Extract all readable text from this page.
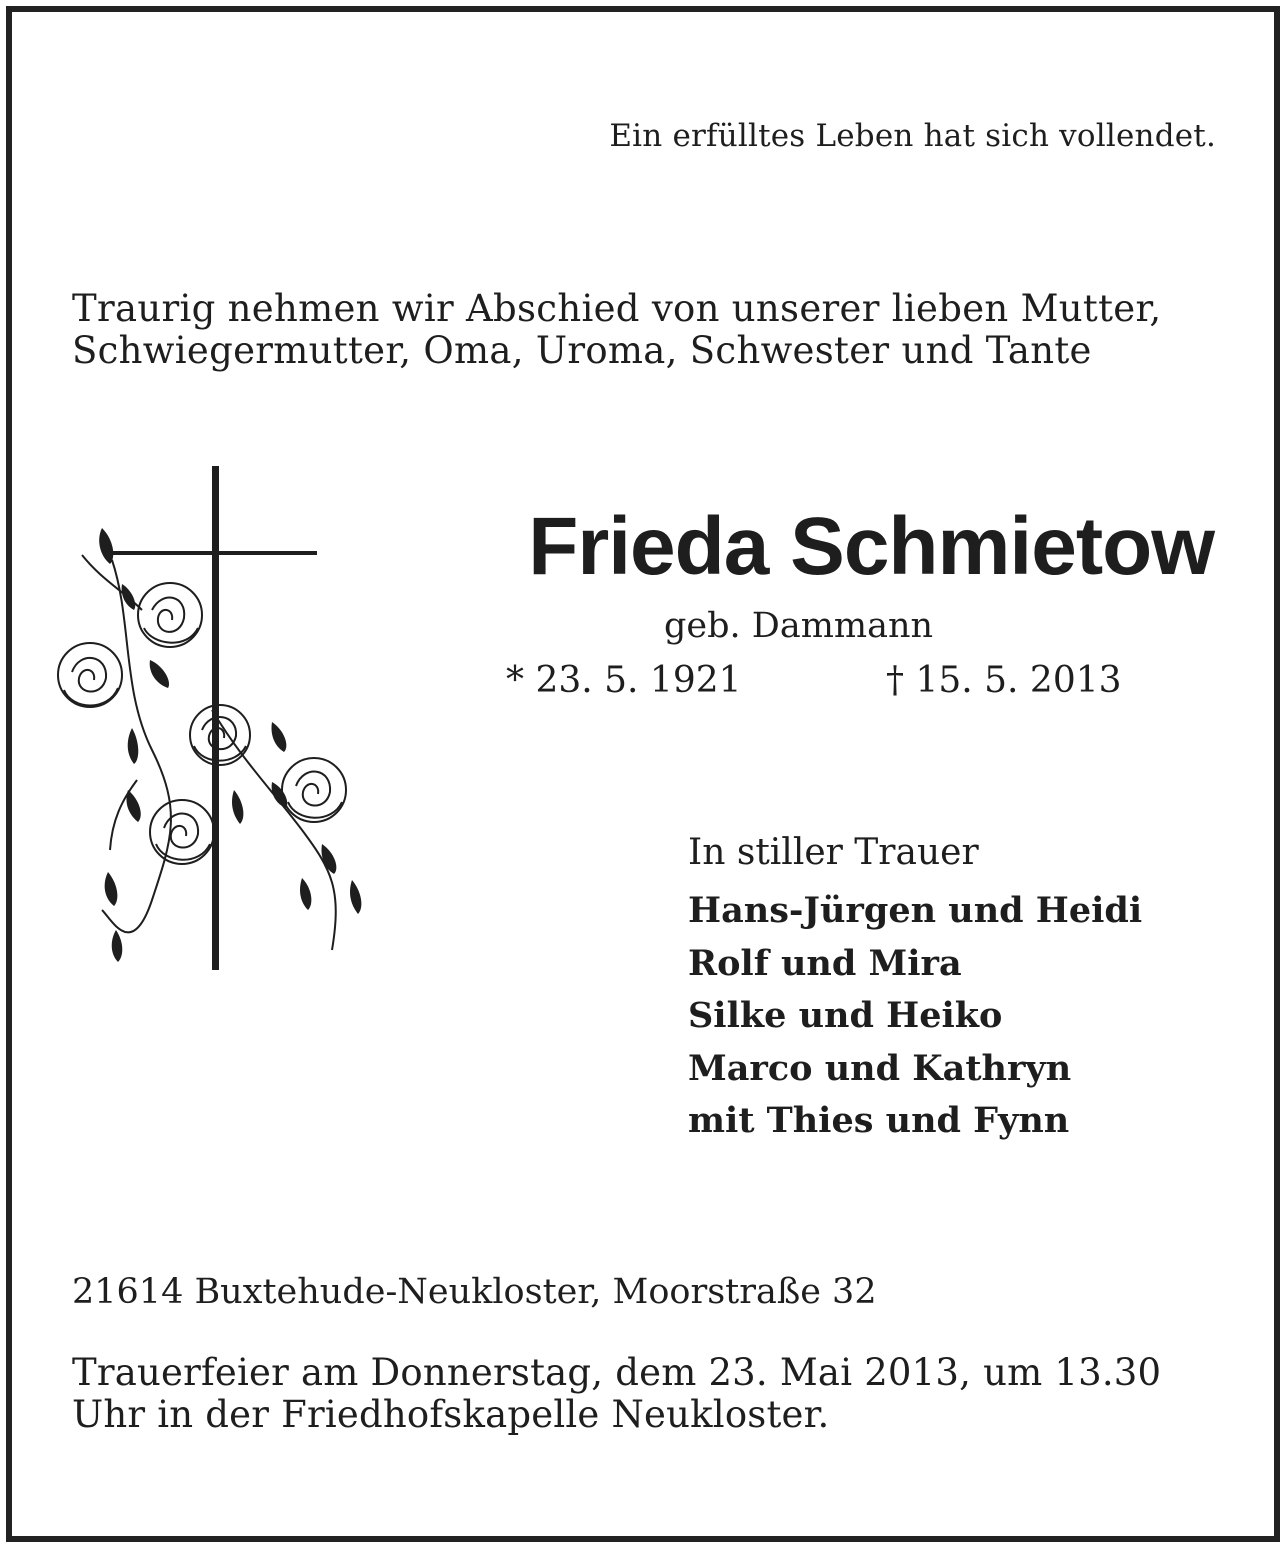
Ein erfülltes Leben hat sich vollendet.
Traurig nehmen wir Abschied von unserer lieben Mutter,
Schwiegermutter, Oma, Uroma, Schwester und Tante
Frieda Schmietow
geb. Dammann
* 23. 5. 1921	† 15. 5. 2013
In stiller Trauer
Hans-Jürgen und Heidi
Rolf und Mira
Silke und Heiko
Marco und Kathryn
mit Thies und Fynn
21614 Buxtehude-Neukloster, Moorstraße 32
Trauerfeier am Donnerstag, dem 23. Mai 2013, um 13.30
Uhr in der Friedhofskapelle Neukloster.
